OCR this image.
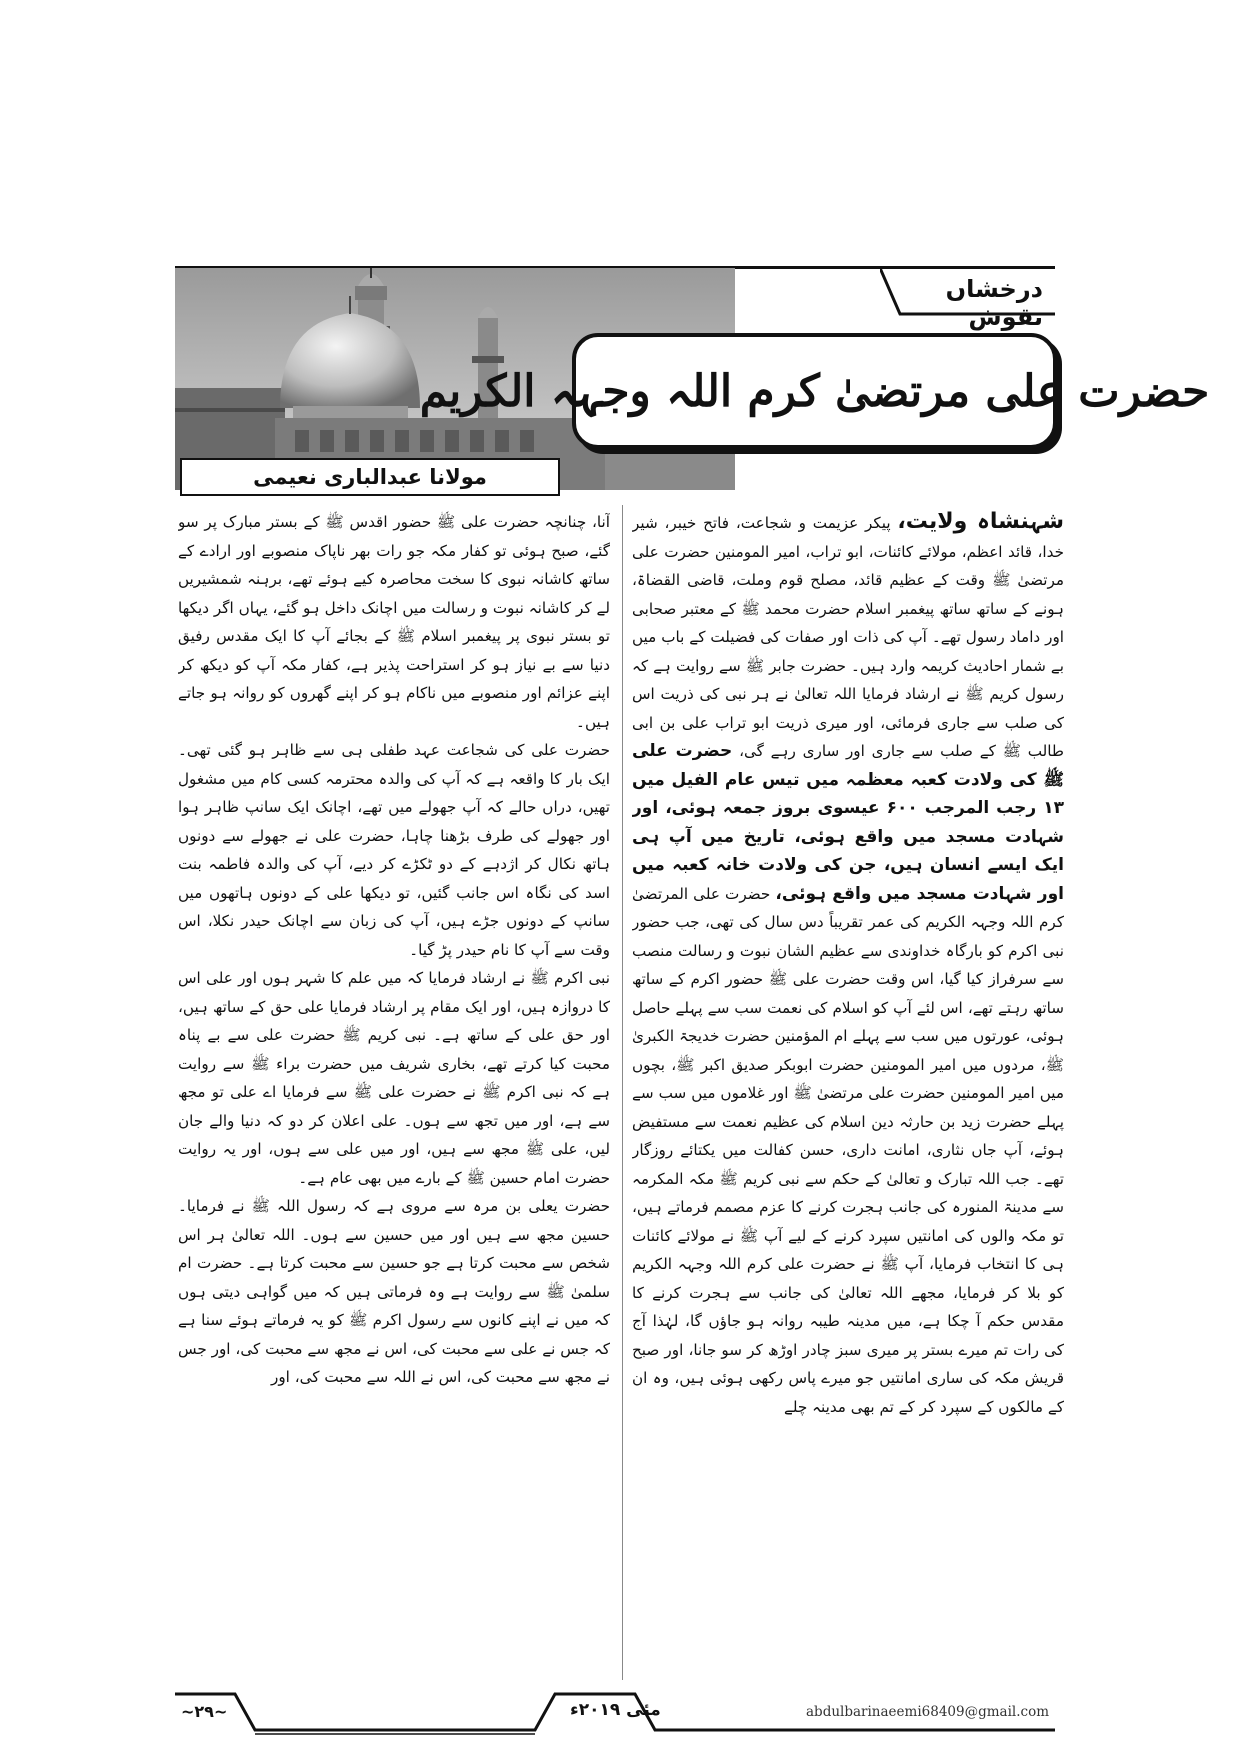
درخشاں نقوش
حضرت علی مرتضیٰ کرم اللہ وجہہ الکریم
مولانا عبدالباری نعیمی

شہنشاہ ولایت، پیکر عزیمت و شجاعت، فاتح خیبر، شیر خدا، قائد اعظم، مولائے کائنات، ابو تراب، امیر المومنین حضرت علی مرتضیٰ ﷺ وقت کے عظیم قائد، مصلح قوم وملت، قاضی القضاۃ، ہونے کے ساتھ ساتھ پیغمبر اسلام حضرت محمد ﷺ کے معتبر صحابی اور داماد رسول تھے۔ آپ کی ذات اور صفات کی فضیلت کے باب میں بے شمار احادیث کریمہ وارد ہیں۔ حضرت جابر ﷺ سے روایت ہے کہ رسول کریم ﷺ نے ارشاد فرمایا اللہ تعالیٰ نے ہر نبی کی ذریت اس کی صلب سے جاری فرمائی، اور میری ذریت ابو تراب علی بن ابی طالب ﷺ کے صلب سے جاری اور ساری رہے گی، حضرت علی ﷺ کی ولادت کعبہ معظمہ میں تیس عام الفیل میں ۱۳ رجب المرجب ۶۰۰ عیسوی بروز جمعہ ہوئی، اور شہادت مسجد میں واقع ہوئی، تاریخ میں آپ ہی ایک ایسے انسان ہیں، جن کی ولادت خانہ کعبہ میں اور شہادت مسجد میں واقع ہوئی، حضرت علی المرتضیٰ کرم اللہ وجہہ الکریم کی عمر تقریباً دس سال کی تھی، جب حضور نبی اکرم کو بارگاہ خداوندی سے عظیم الشان نبوت و رسالت منصب سے سرفراز کیا گیا، اس وقت حضرت علی ﷺ حضور اکرم کے ساتھ ساتھ رہتے تھے، اس لئے آپ کو اسلام کی نعمت سب سے پہلے حاصل ہوئی، عورتوں میں سب سے پہلے ام المؤمنین حضرت خدیجۃ الکبریٰ ﷺ، مردوں میں امیر المومنین حضرت ابوبکر صدیق اکبر ﷺ، بچوں میں امیر المومنین حضرت علی مرتضیٰ ﷺ اور غلاموں میں سب سے پہلے حضرت زید بن حارثہ دین اسلام کی عظیم نعمت سے مستفیض ہوئے، آپ جاں نثاری، امانت داری، حسن کفالت میں یکتائے روزگار تھے۔ جب اللہ تبارک و تعالیٰ کے حکم سے نبی کریم ﷺ مکہ المکرمہ سے مدینۃ المنورہ کی جانب ہجرت کرنے کا عزم مصمم فرماتے ہیں، تو مکہ والوں کی امانتیں سپرد کرنے کے لیے آپ ﷺ نے مولائے کائنات ہی کا انتخاب فرمایا، آپ ﷺ نے حضرت علی کرم اللہ وجہہ الکریم کو بلا کر فرمایا، مجھے اللہ تعالیٰ کی جانب سے ہجرت کرنے کا مقدس حکم آ چکا ہے، میں مدینہ طیبہ روانہ ہو جاؤں گا، لہٰذا آج کی رات تم میرے بستر پر میری سبز چادر اوڑھ کر سو جانا، اور صبح قریش مکہ کی ساری امانتیں جو میرے پاس رکھی ہوئی ہیں، وہ ان کے مالکوں کے سپرد کر کے تم بھی مدینہ چلے

آنا، چنانچہ حضرت علی ﷺ حضور اقدس ﷺ کے بستر مبارک پر سو گئے، صبح ہوئی تو کفار مکہ جو رات بھر ناپاک منصوبے اور ارادے کے ساتھ کاشانہ نبوی کا سخت محاصرہ کیے ہوئے تھے، برہنہ شمشیریں لے کر کاشانہ نبوت و رسالت میں اچانک داخل ہو گئے، یہاں اگر دیکھا تو بستر نبوی پر پیغمبر اسلام ﷺ کے بجائے آپ کا ایک مقدس رفیق دنیا سے بے نیاز ہو کر استراحت پذیر ہے، کفار مکہ آپ کو دیکھ کر اپنے عزائم اور منصوبے میں ناکام ہو کر اپنے گھروں کو روانہ ہو جاتے ہیں۔

حضرت علی کی شجاعت عہد طفلی ہی سے ظاہر ہو گئی تھی۔ ایک بار کا واقعہ ہے کہ آپ کی والدہ محترمہ کسی کام میں مشغول تھیں، دراں حالے کہ آپ جھولے میں تھے، اچانک ایک سانپ ظاہر ہوا اور جھولے کی طرف بڑھنا چاہا، حضرت علی نے جھولے سے دونوں ہاتھ نکال کر اژدہے کے دو ٹکڑے کر دیے، آپ کی والدہ فاطمہ بنت اسد کی نگاہ اس جانب گئیں، تو دیکھا علی کے دونوں ہاتھوں میں سانپ کے دونوں جڑے ہیں، آپ کی زبان سے اچانک حیدر نکلا، اس وقت سے آپ کا نام حیدر پڑ گیا۔

نبی اکرم ﷺ نے ارشاد فرمایا کہ میں علم کا شہر ہوں اور علی اس کا دروازہ ہیں، اور ایک مقام پر ارشاد فرمایا علی حق کے ساتھ ہیں، اور حق علی کے ساتھ ہے۔ نبی کریم ﷺ حضرت علی سے بے پناہ محبت کیا کرتے تھے، بخاری شریف میں حضرت براء ﷺ سے روایت ہے کہ نبی اکرم ﷺ نے حضرت علی ﷺ سے فرمایا اے علی تو مجھ سے ہے، اور میں تجھ سے ہوں۔ علی اعلان کر دو کہ دنیا والے جان لیں، علی ﷺ مجھ سے ہیں، اور میں علی سے ہوں، اور یہ روایت حضرت امام حسین ﷺ کے بارے میں بھی عام ہے۔

حضرت یعلی بن مرہ سے مروی ہے کہ رسول اللہ ﷺ نے فرمایا۔ حسین مجھ سے ہیں اور میں حسین سے ہوں۔ اللہ تعالیٰ ہر اس شخص سے محبت کرتا ہے جو حسین سے محبت کرتا ہے۔ حضرت ام سلمیٰ ﷺ سے روایت ہے وہ فرماتی ہیں کہ میں گواہی دیتی ہوں کہ میں نے اپنے کانوں سے رسول اکرم ﷺ کو یہ فرماتے ہوئے سنا ہے کہ جس نے علی سے محبت کی، اس نے مجھ سے محبت کی، اور جس نے مجھ سے محبت کی، اس نے اللہ سے محبت کی، اور

~۲۹~	مئی ۲۰۱۹ء	abdulbarinaeemi68409@gmail.com
